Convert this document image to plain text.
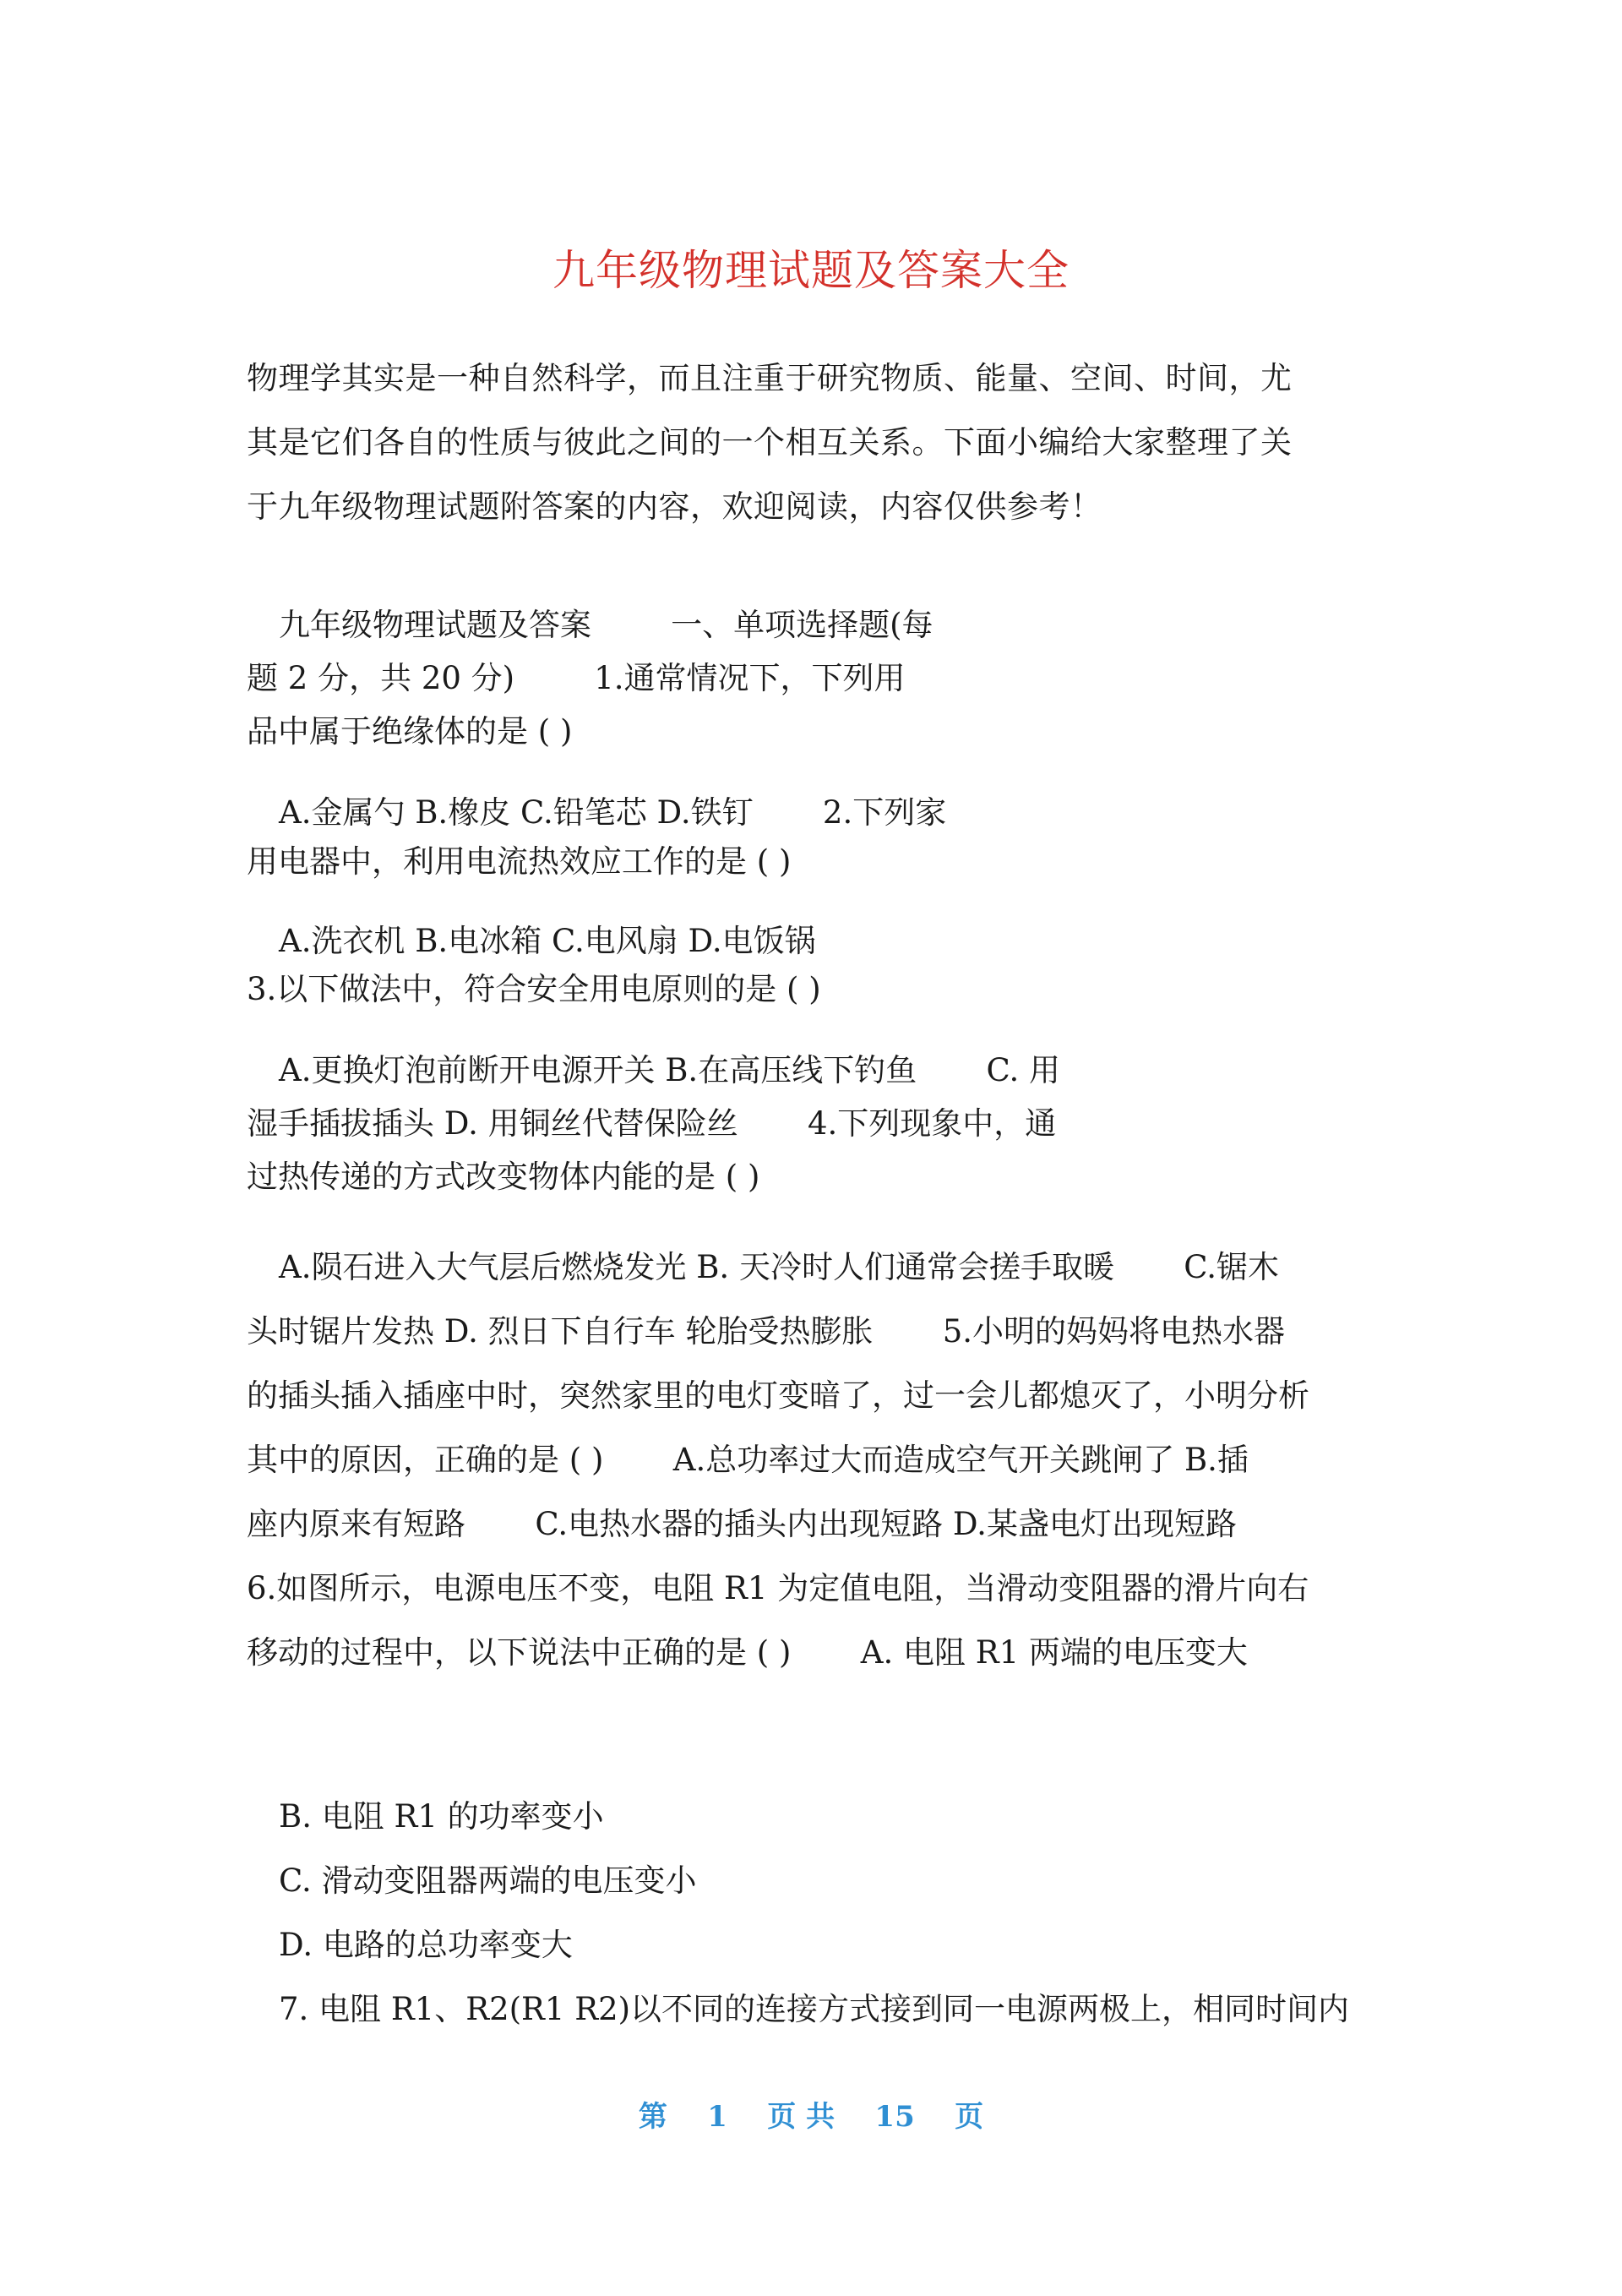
九年级物理试题及答案大全

物理学其实是一种自然科学，而且注重于研究物质、能量、空间、时间，尤

其是它们各自的性质与彼此之间的一个相互关系。下面小编给大家整理了关

于九年级物理试题附答案的内容，欢迎阅读，内容仅供参考！

九年级物理试题及答案        一、单项选择题(每
题 2 分，共 20 分)        1.通常情况下，下列用
品中属于绝缘体的是 ( )
A.金属勺 B.橡皮 C.铅笔芯 D.铁钉       2.下列家
用电器中，利用电流热效应工作的是 ( )
A.洗衣机 B.电冰箱 C.电风扇 D.电饭锅
3.以下做法中，符合安全用电原则的是 ( )
A.更换灯泡前断开电源开关 B.在高压线下钓鱼       C. 用
湿手插拔插头 D. 用铜丝代替保险丝       4.下列现象中，通
过热传递的方式改变物体内能的是 ( )
A.陨石进入大气层后燃烧发光 B. 天冷时人们通常会搓手取暖       C.锯木
头时锯片发热 D. 烈日下自行车 轮胎受热膨胀       5.小明的妈妈将电热水器
的插头插入插座中时，突然家里的电灯变暗了，过一会儿都熄灭了，小明分析
其中的原因，正确的是 ( )       A.总功率过大而造成空气开关跳闸了 B.插
座内原来有短路       C.电热水器的插头内出现短路 D.某盏电灯出现短路
6.如图所示，电源电压不变，电阻 R1 为定值电阻，当滑动变阻器的滑片向右
移动的过程中，以下说法中正确的是 ( )       A. 电阻 R1 两端的电压变大
B. 电阻 R1 的功率变小
C. 滑动变阻器两端的电压变小
D. 电路的总功率变大
7. 电阻 R1、R2(R1 R2)以不同的连接方式接到同一电源两极上，相同时间内
第    1    页 共    15    页
